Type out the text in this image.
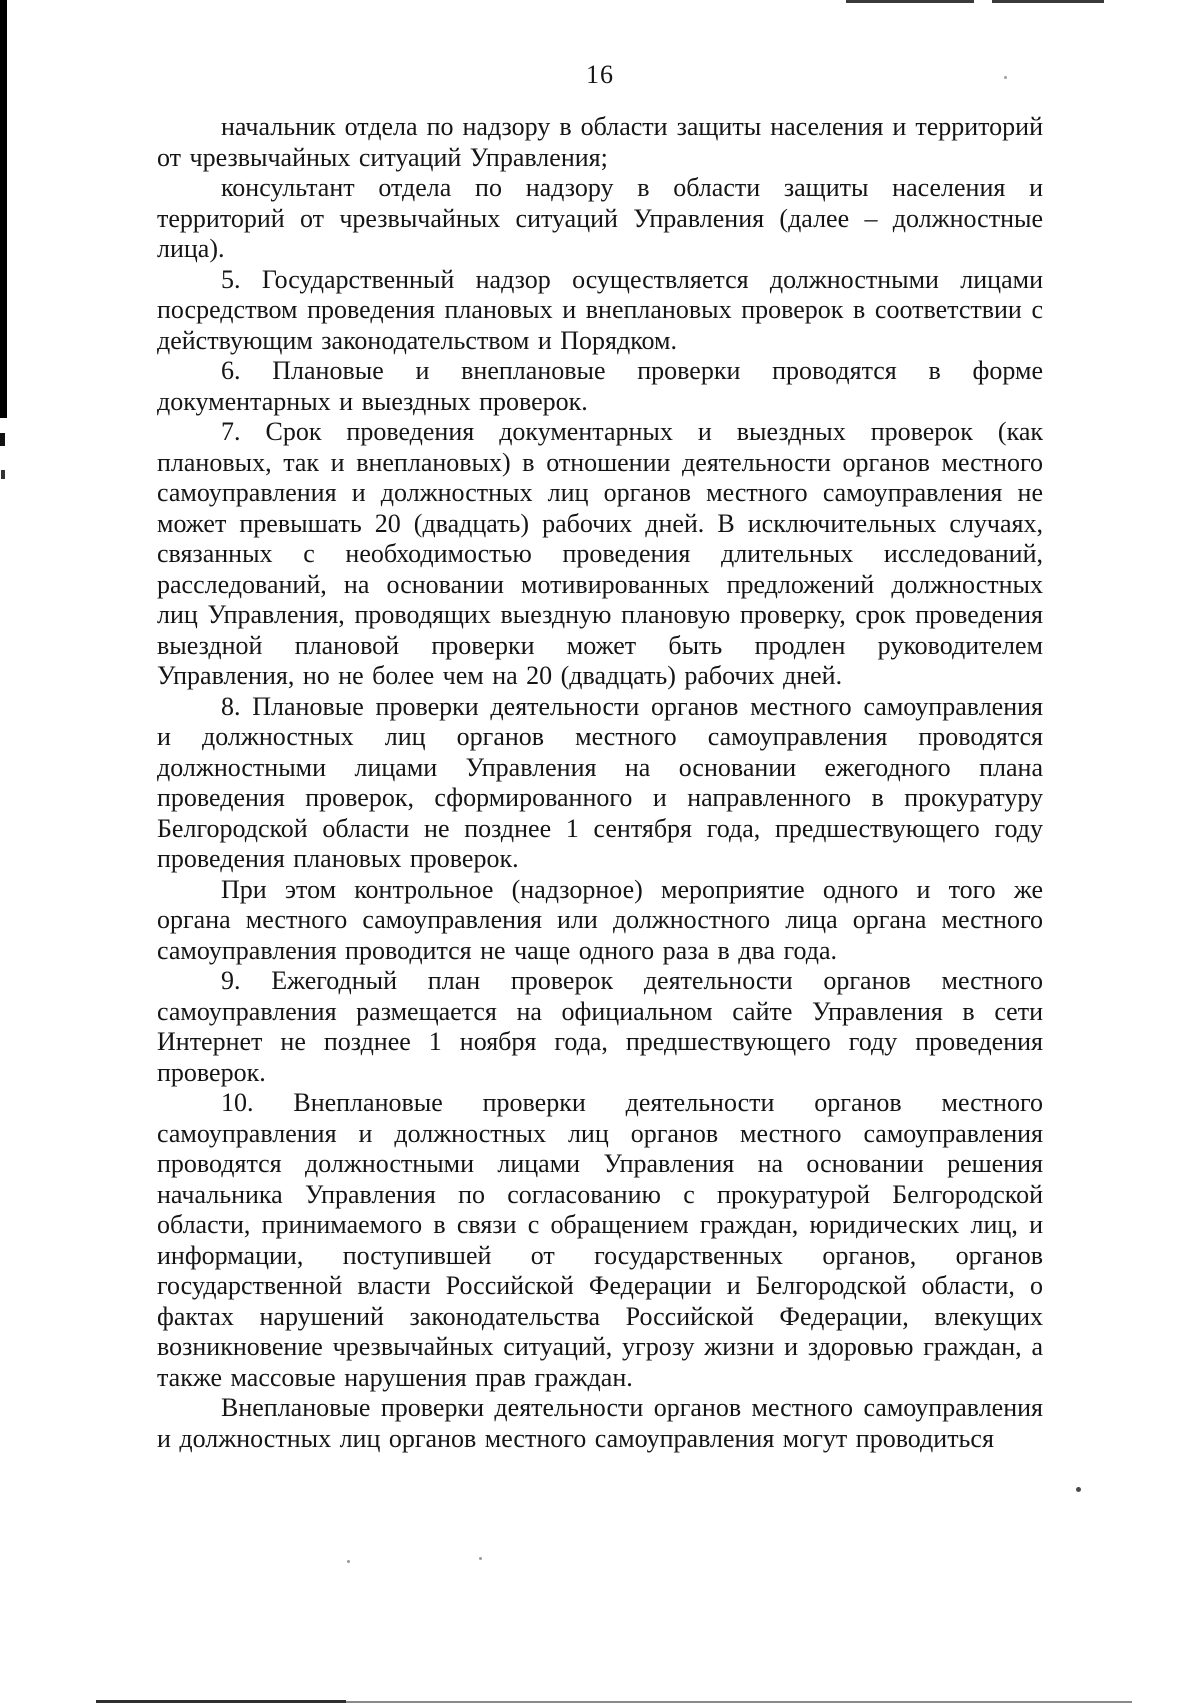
16

начальник отдела по надзору в области защиты населения и территорий от чрезвычайных ситуаций Управления;

консультант отдела по надзору в области защиты населения и территорий от чрезвычайных ситуаций Управления (далее – должностные лица).

5. Государственный надзор осуществляется должностными лицами посредством проведения плановых и внеплановых проверок в соответствии с действующим законодательством и Порядком.

6. Плановые и внеплановые проверки проводятся в форме документарных и выездных проверок.

7. Срок проведения документарных и выездных проверок (как плановых, так и внеплановых) в отношении деятельности органов местного самоуправления и должностных лиц органов местного самоуправления не может превышать 20 (двадцать) рабочих дней. В исключительных случаях, связанных с необходимостью проведения длительных исследований, расследований, на основании мотивированных предложений должностных лиц Управления, проводящих выездную плановую проверку, срок проведения выездной плановой проверки может быть продлен руководителем Управления, но не более чем на 20 (двадцать) рабочих дней.

8. Плановые проверки деятельности органов местного самоуправления и должностных лиц органов местного самоуправления проводятся должностными лицами Управления на основании ежегодного плана проведения проверок, сформированного и направленного в прокуратуру Белгородской области не позднее 1 сентября года, предшествующего году проведения плановых проверок.

При этом контрольное (надзорное) мероприятие одного и того же органа местного самоуправления или должностного лица органа местного самоуправления проводится не чаще одного раза в два года.

9. Ежегодный план проверок деятельности органов местного самоуправления размещается на официальном сайте Управления в сети Интернет не позднее 1 ноября года, предшествующего году проведения проверок.

10. Внеплановые проверки деятельности органов местного самоуправления и должностных лиц органов местного самоуправления проводятся должностными лицами Управления на основании решения начальника Управления по согласованию с прокуратурой Белгородской области, принимаемого в связи с обращением граждан, юридических лиц, и информации, поступившей от государственных органов, органов государственной власти Российской Федерации и Белгородской области, о фактах нарушений законодательства Российской Федерации, влекущих возникновение чрезвычайных ситуаций, угрозу жизни и здоровью граждан, а также массовые нарушения прав граждан.

Внеплановые проверки деятельности органов местного самоуправления и должностных лиц органов местного самоуправления могут проводиться
